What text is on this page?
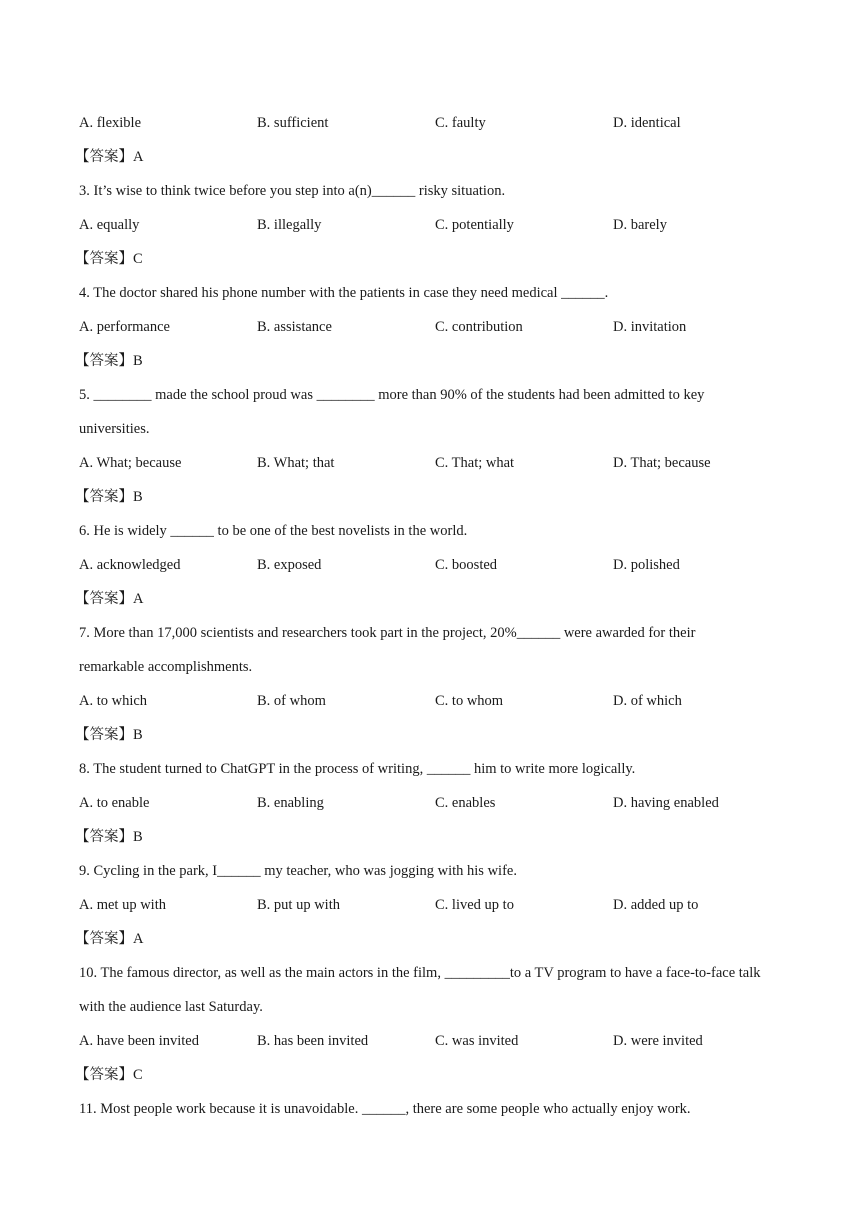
A. flexible	B. sufficient	C. faulty	D. identical
【答案】A
3. It’s wise to think twice before you step into a(n)______ risky situation.
A. equally	B. illegally	C. potentially	D. barely
【答案】C
4. The doctor shared his phone number with the patients in case they need medical ______.
A. performance	B. assistance	C. contribution	D. invitation
【答案】B
5. ________ made the school proud was ________ more than 90% of the students had been admitted to key
universities.
A. What; because	B. What; that	C. That; what	D. That; because
【答案】B
6. He is widely ______ to be one of the best novelists in the world.
A. acknowledged	B. exposed	C. boosted	D. polished
【答案】A
7. More than 17,000 scientists and researchers took part in the project, 20%______ were awarded for their
remarkable accomplishments.
A. to which	B. of whom	C. to whom	D. of which
【答案】B
8. The student turned to ChatGPT in the process of writing, ______ him to write more logically.
A. to enable	B. enabling	C. enables	D. having enabled
【答案】B
9. Cycling in the park, I______ my teacher, who was jogging with his wife.
A. met up with	B. put up with	C. lived up to	D. added up to
【答案】A
10. The famous director, as well as the main actors in the film, _________to a TV program to have a face-to-face talk
with the audience last Saturday.
A. have been invited	B. has been invited	C. was invited	D. were invited
【答案】C
11. Most people work because it is unavoidable. ______, there are some people who actually enjoy work.
